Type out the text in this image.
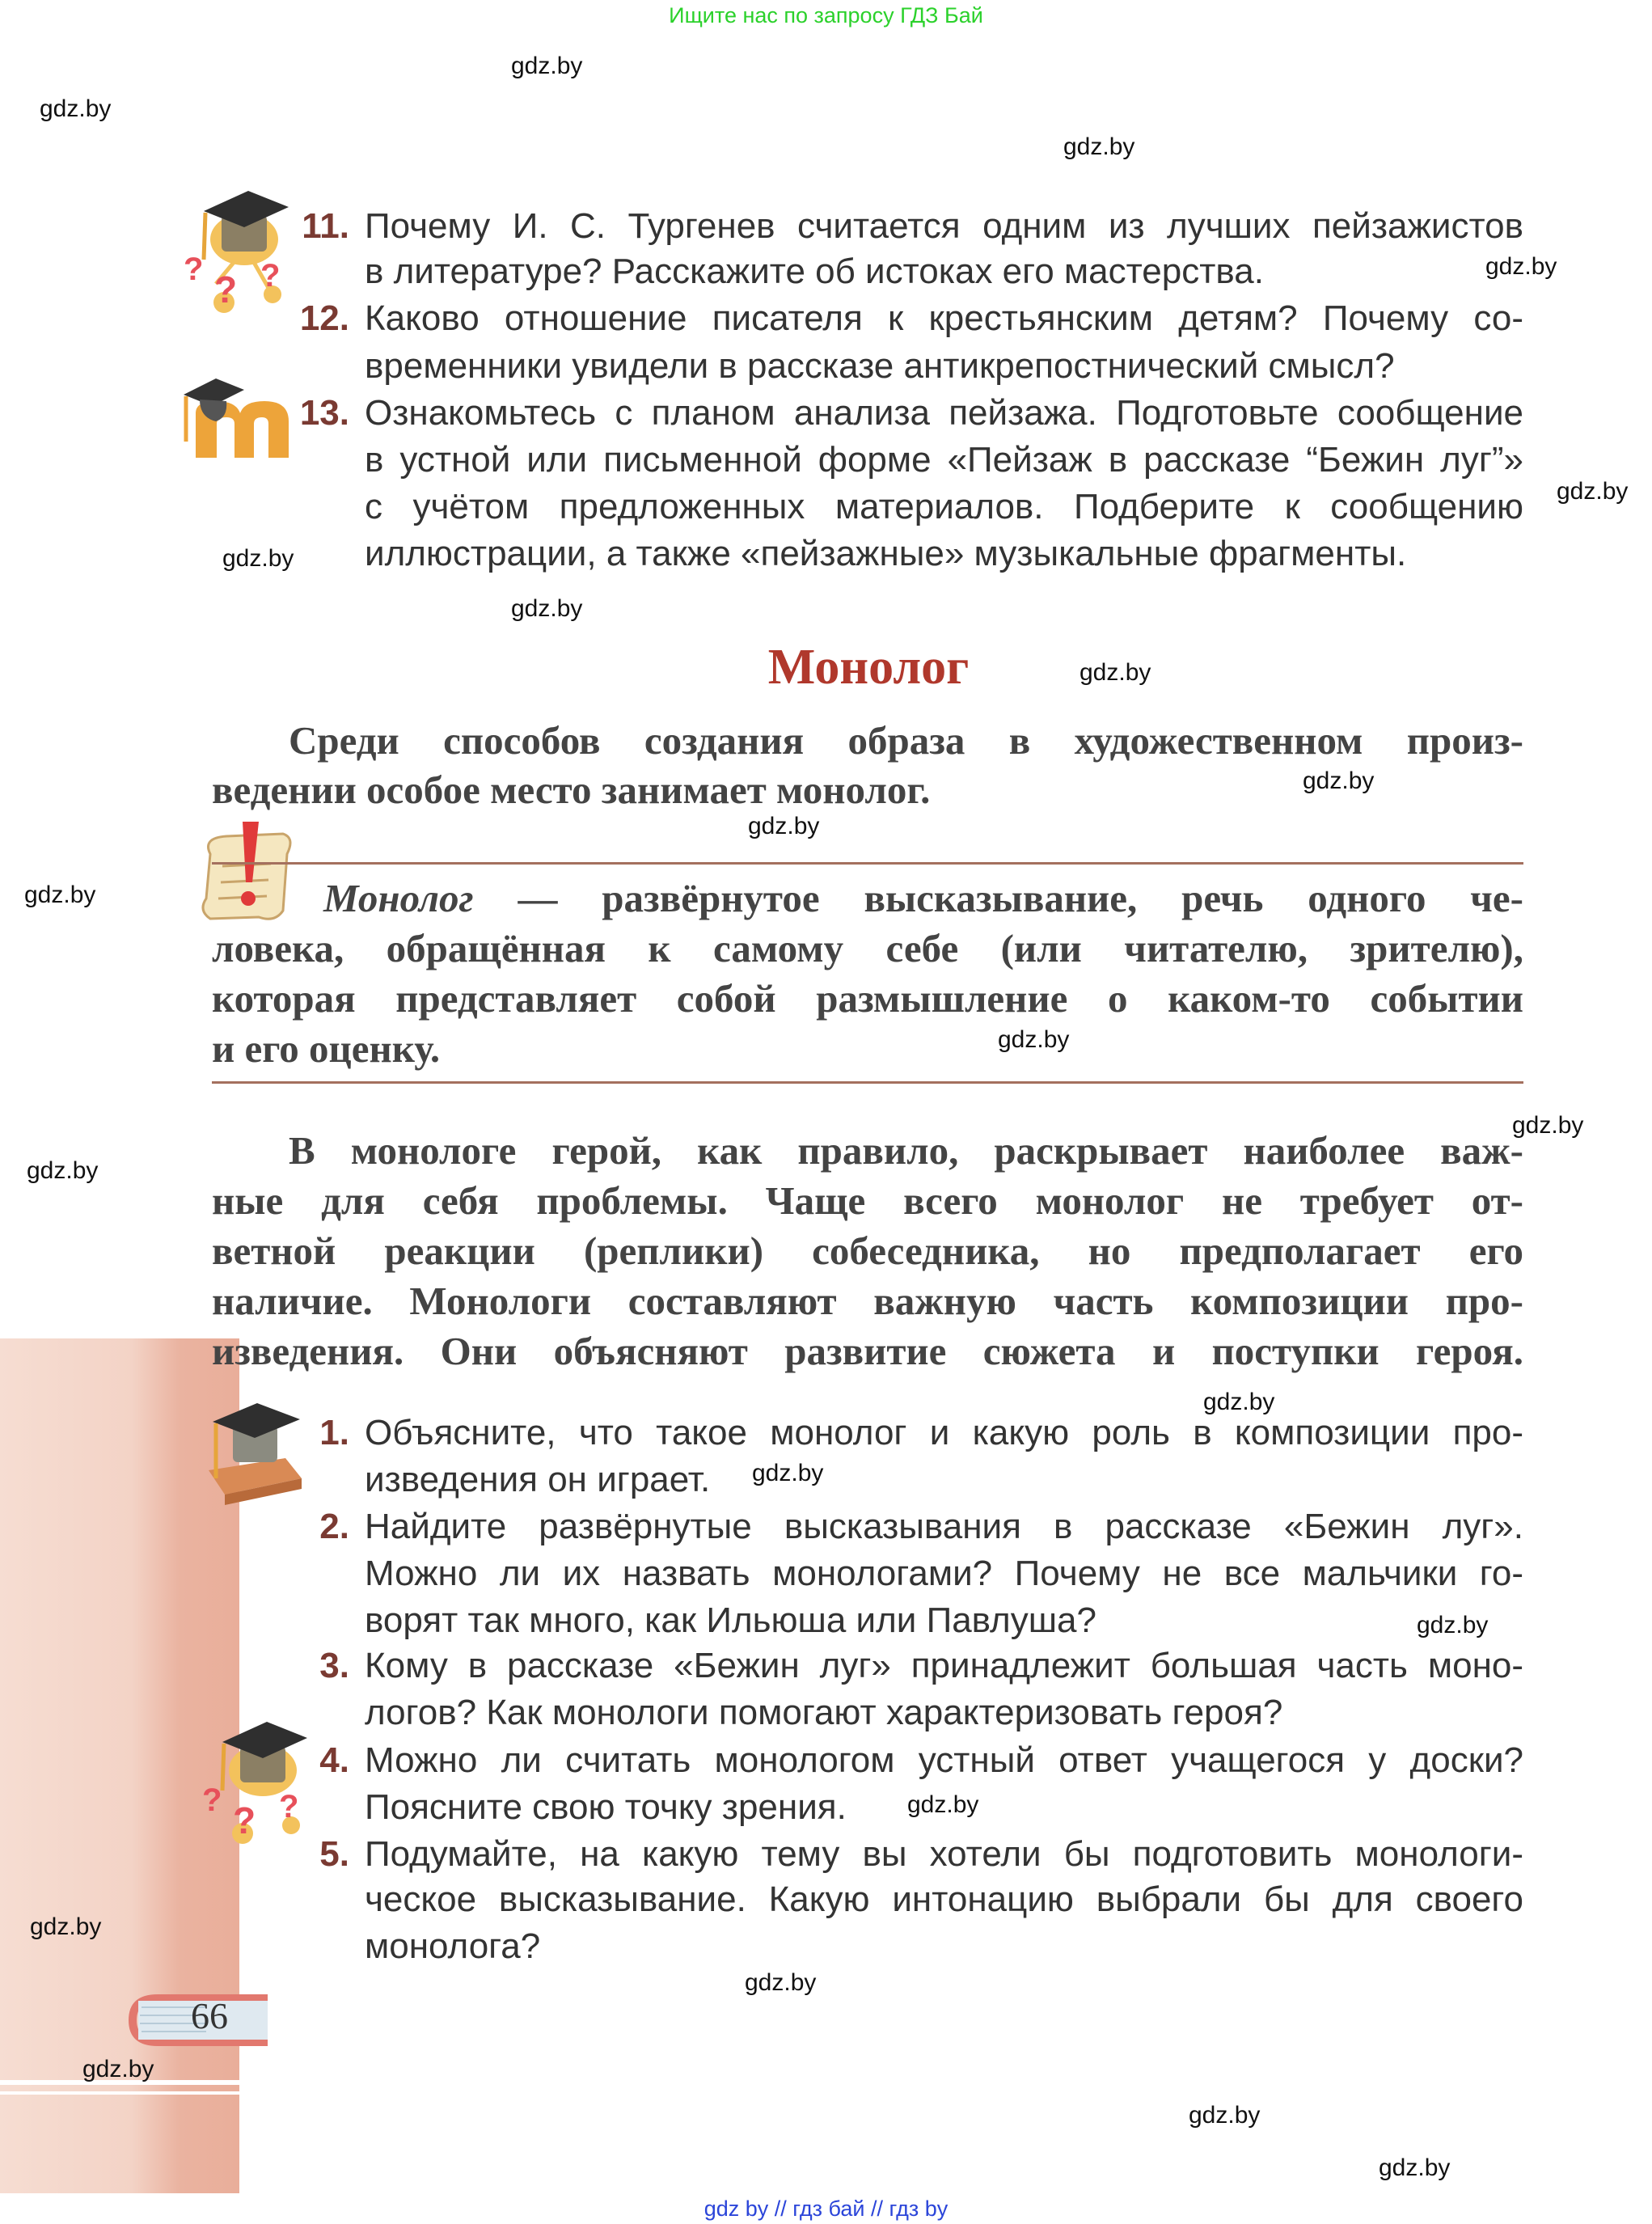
Ищите нас по запросу ГДЗ Бай
? ? ?
? ? ?
Монолог
Монолог — развёрнутое высказывание, речь одного че-
11. Почему И. С. Тургенев считается одним из лучших пейзажистов
в литературе? Расскажите об истоках его мастерства.
12. Каково отношение писателя к крестьянским детям? Почему со-
временники увидели в рассказе антикрепостнический смысл?
13. Ознакомьтесь с планом анализа пейзажа. Подготовьте сообщение
в устной или письменной форме «Пейзаж в рассказе “Бежин луг”»
с учётом предложенных материалов. Подберите к сообщению
иллюстрации, а также «пейзажные» музыкальные фрагменты.
Среди способов создания образа в художественном произ-
ведении особое место занимает монолог.
ловека, обращённая к самому себе (или читателю, зрителю),
которая представляет собой размышление о каком-то событии
и его оценку.
В монологе герой, как правило, раскрывает наиболее важ-
ные для себя проблемы. Чаще всего монолог не требует от-
ветной реакции (реплики) собеседника, но предполагает его
наличие. Монологи составляют важную часть композиции про-
изведения. Они объясняют развитие сюжета и поступки героя.
1. Объясните, что такое монолог и какую роль в композиции про-
изведения он играет.
2. Найдите развёрнутые высказывания в рассказе «Бежин луг».
Можно ли их назвать монологами? Почему не все мальчики го-
ворят так много, как Ильюша или Павлуша?
3. Кому в рассказе «Бежин луг» принадлежит большая часть моно-
логов? Как монологи помогают характеризовать героя?
4. Можно ли считать монологом устный ответ учащегося у доски?
Поясните свою точку зрения.
5. Подумайте, на какую тему вы хотели бы подготовить монологи-
ческое высказывание. Какую интонацию выбрали бы для своего
монолога?
gdz.by
gdz.by
gdz.by
gdz.by
gdz.by
gdz.by
gdz.by
gdz.by
gdz.by
gdz.by
gdz.by
gdz.by
gdz.by
gdz.by
gdz.by
gdz.by
gdz.by
gdz.by
gdz.by
gdz.by
gdz.by
gdz.by
gdz.by
66
gdz by // гдз бай // гдз by
